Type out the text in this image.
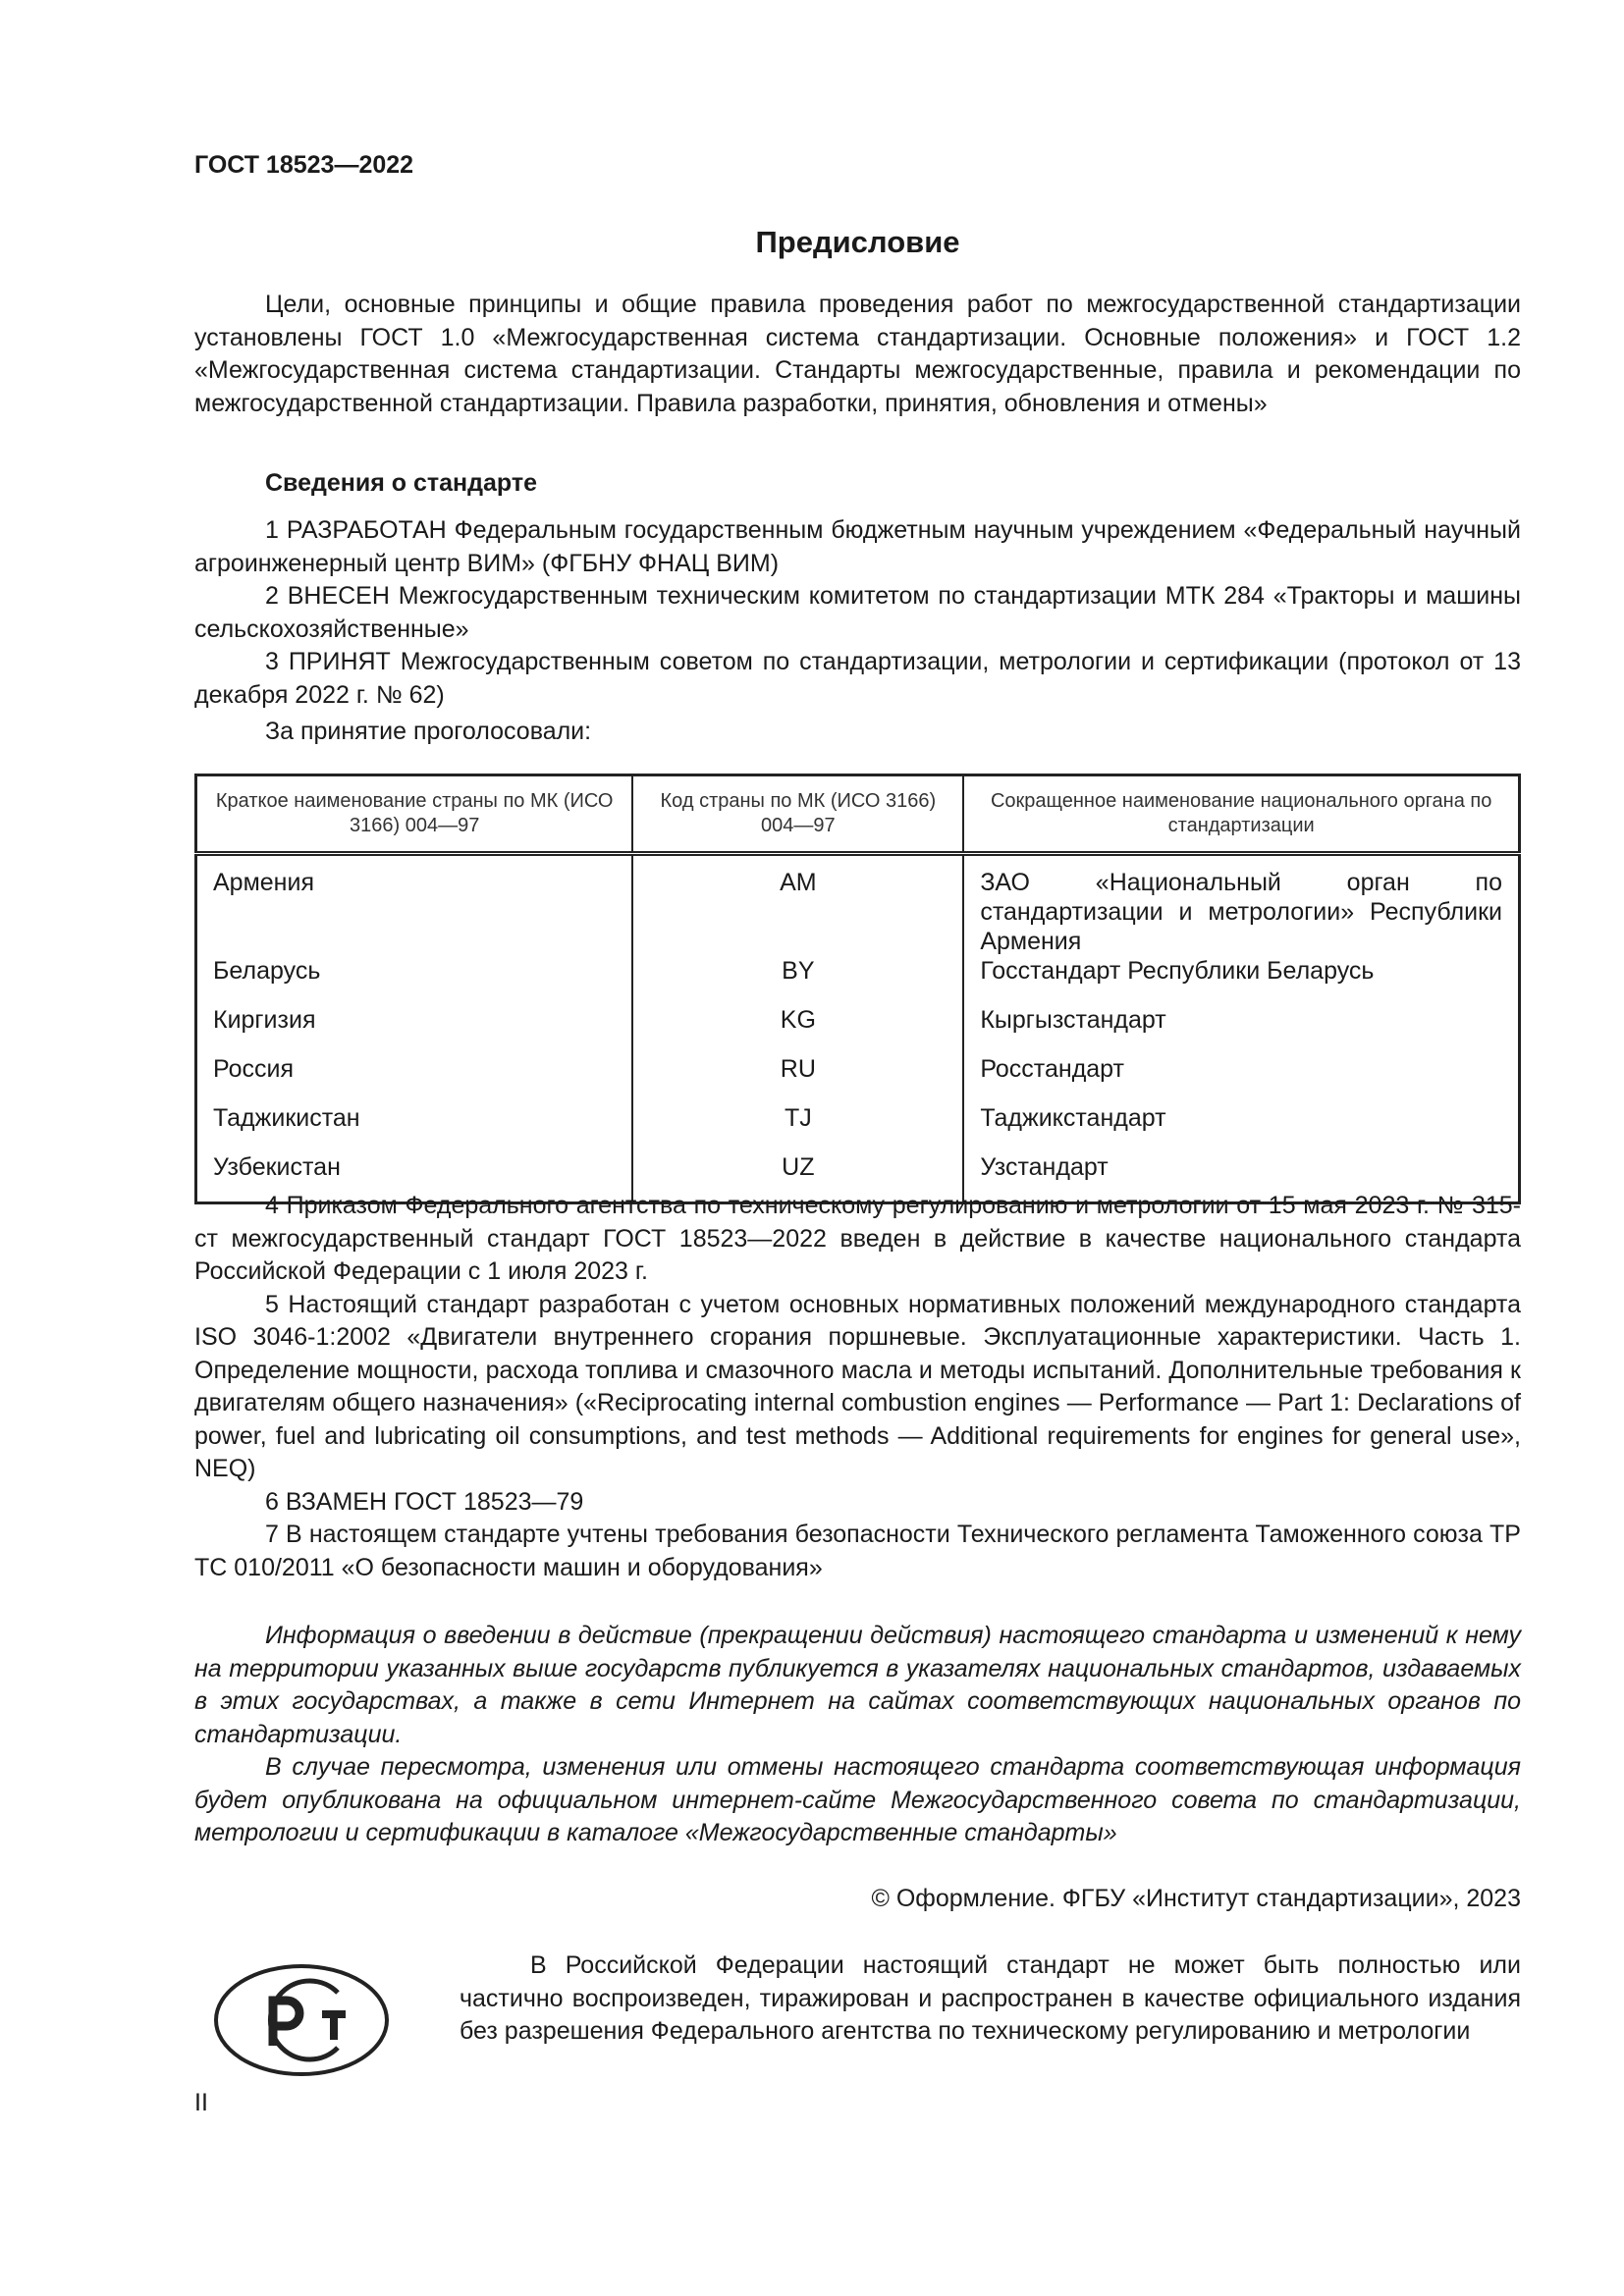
ГОСТ 18523—2022

Предисловие

Цели, основные принципы и общие правила проведения работ по межгосударственной стандартизации установлены ГОСТ 1.0 «Межгосударственная система стандартизации. Основные положения» и ГОСТ 1.2 «Межгосударственная система стандартизации. Стандарты межгосударственные, правила и рекомендации по межгосударственной стандартизации. Правила разработки, принятия, обновления и отмены»

Сведения о стандарте

1 РАЗРАБОТАН Федеральным государственным бюджетным научным учреждением «Федеральный научный агроинженерный центр ВИМ» (ФГБНУ ФНАЦ ВИМ)

2 ВНЕСЕН Межгосударственным техническим комитетом по стандартизации МТК 284 «Тракторы и машины сельскохозяйственные»

3 ПРИНЯТ Межгосударственным советом по стандартизации, метрологии и сертификации (протокол от 13 декабря 2022 г. № 62)

За принятие проголосовали:

Краткое наименование страны по МК (ИСО 3166) 004—97	Код страны по МК (ИСО 3166) 004—97	Сокращенное наименование национального органа по стандартизации
Армения	AM	ЗАО «Национальный орган по стандартизации и метрологии» Республики Армения
Беларусь	BY	Госстандарт Республики Беларусь
Киргизия	KG	Кыргызстандарт
Россия	RU	Росстандарт
Таджикистан	TJ	Таджикстандарт
Узбекистан	UZ	Узстандарт

4 Приказом Федерального агентства по техническому регулированию и метрологии от 15 мая 2023 г. № 315-ст межгосударственный стандарт ГОСТ 18523—2022 введен в действие в качестве национального стандарта Российской Федерации с 1 июля 2023 г.

5 Настоящий стандарт разработан с учетом основных нормативных положений международного стандарта ISO 3046-1:2002 «Двигатели внутреннего сгорания поршневые. Эксплуатационные характеристики. Часть 1. Определение мощности, расхода топлива и смазочного масла и методы испытаний. Дополнительные требования к двигателям общего назначения» («Reciprocating internal combustion engines — Performance — Part 1: Declarations of power, fuel and lubricating oil consumptions, and test methods — Additional requirements for engines for general use», NEQ)

6 ВЗАМЕН ГОСТ 18523—79

7 В настоящем стандарте учтены требования безопасности Технического регламента Таможенного союза ТР ТС 010/2011 «О безопасности машин и оборудования»

Информация о введении в действие (прекращении действия) настоящего стандарта и изменений к нему на территории указанных выше государств публикуется в указателях национальных стандартов, издаваемых в этих государствах, а также в сети Интернет на сайтах соответствующих национальных органов по стандартизации.

В случае пересмотра, изменения или отмены настоящего стандарта соответствующая информация будет опубликована на официальном интернет-сайте Межгосударственного совета по стандартизации, метрологии и сертификации в каталоге «Межгосударственные стандарты»

© Оформление. ФГБУ «Институт стандартизации», 2023

В Российской Федерации настоящий стандарт не может быть полностью или частично воспроизведен, тиражирован и распространен в качестве официального издания без разрешения Федерального агентства по техническому регулированию и метрологии

II
